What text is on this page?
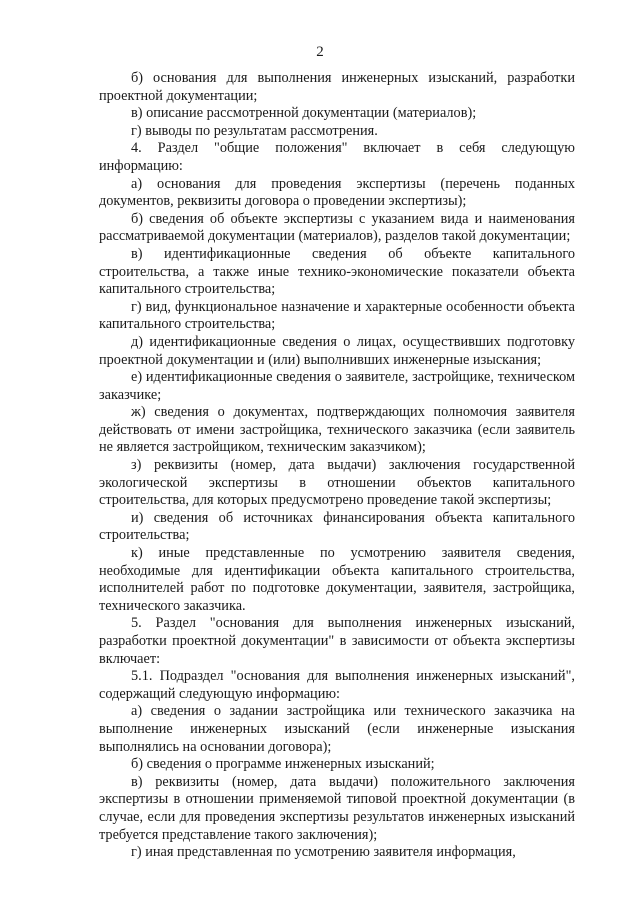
2

б) основания для выполнения инженерных изысканий, разработки проектной документации;

в) описание рассмотренной документации (материалов);

г) выводы по результатам рассмотрения.

4. Раздел "общие положения" включает в себя следующую информацию:

а) основания для проведения экспертизы (перечень поданных документов, реквизиты договора о проведении экспертизы);

б) сведения об объекте экспертизы с указанием вида и наименования рассматриваемой документации (материалов), разделов такой документации;

в) идентификационные сведения об объекте капитального строительства, а также иные технико-экономические показатели объекта капитального строительства;

г) вид, функциональное назначение и характерные особенности объекта капитального строительства;

д) идентификационные сведения о лицах, осуществивших подготовку проектной документации и (или) выполнивших инженерные изыскания;

е) идентификационные сведения о заявителе, застройщике, техническом заказчике;

ж) сведения о документах, подтверждающих полномочия заявителя действовать от имени застройщика, технического заказчика (если заявитель не является застройщиком, техническим заказчиком);

з) реквизиты (номер, дата выдачи) заключения государственной экологической экспертизы в отношении объектов капитального строительства, для которых предусмотрено проведение такой экспертизы;

и) сведения об источниках финансирования объекта капитального строительства;

к) иные представленные по усмотрению заявителя сведения, необходимые для идентификации объекта капитального строительства, исполнителей работ по подготовке документации, заявителя, застройщика, технического заказчика.

5. Раздел "основания для выполнения инженерных изысканий, разработки проектной документации" в зависимости от объекта экспертизы включает:

5.1. Подраздел "основания для выполнения инженерных изысканий", содержащий следующую информацию:

а) сведения о задании застройщика или технического заказчика на выполнение инженерных изысканий (если инженерные изыскания выполнялись на основании договора);

б) сведения о программе инженерных изысканий;

в) реквизиты (номер, дата выдачи) положительного заключения экспертизы в отношении применяемой типовой проектной документации (в случае, если для проведения экспертизы результатов инженерных изысканий требуется представление такого заключения);

г) иная представленная по усмотрению заявителя информация,
